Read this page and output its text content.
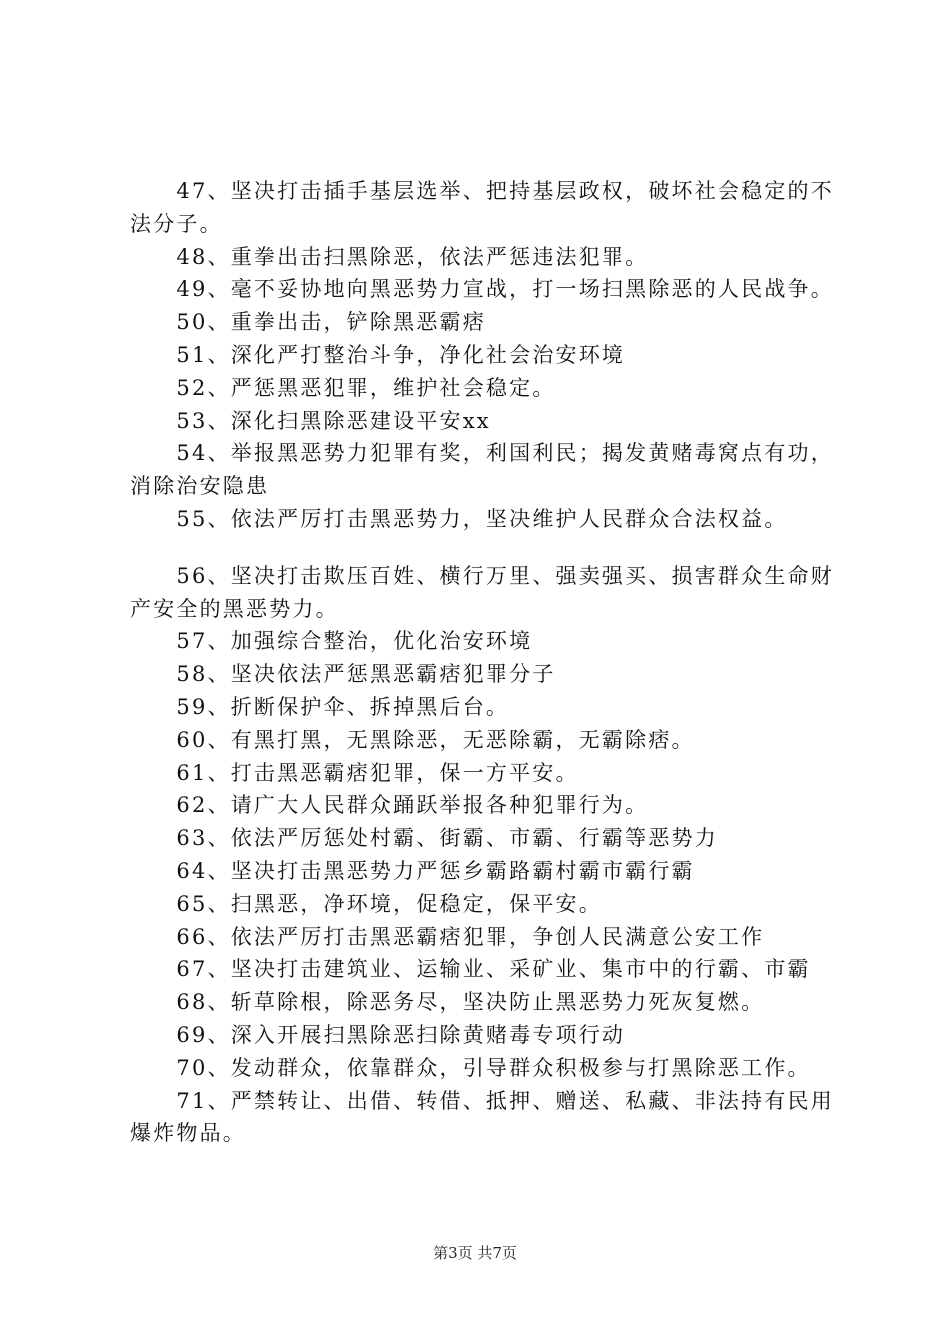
　　47、坚决打击插手基层选举、把持基层政权，破坏社会稳定的不法分子。
　　48、重拳出击扫黑除恶，依法严惩违法犯罪。
　　49、毫不妥协地向黑恶势力宣战，打一场扫黑除恶的人民战争。
　　50、重拳出击，铲除黑恶霸痞
　　51、深化严打整治斗争，净化社会治安环境
　　52、严惩黑恶犯罪，维护社会稳定。
　　53、深化扫黑除恶建设平安xx
　　54、举报黑恶势力犯罪有奖，利国利民；揭发黄赌毒窝点有功，消除治安隐患
　　55、依法严厉打击黑恶势力，坚决维护人民群众合法权益。
　　56、坚决打击欺压百姓、横行万里、强卖强买、损害群众生命财产安全的黑恶势力。
　　57、加强综合整治，优化治安环境
　　58、坚决依法严惩黑恶霸痞犯罪分子
　　59、折断保护伞、拆掉黑后台。
　　60、有黑打黑，无黑除恶，无恶除霸，无霸除痞。
　　61、打击黑恶霸痞犯罪，保一方平安。
　　62、请广大人民群众踊跃举报各种犯罪行为。
　　63、依法严厉惩处村霸、街霸、市霸、行霸等恶势力
　　64、坚决打击黑恶势力严惩乡霸路霸村霸市霸行霸
　　65、扫黑恶，净环境，促稳定，保平安。
　　66、依法严厉打击黑恶霸痞犯罪，争创人民满意公安工作
　　67、坚决打击建筑业、运输业、采矿业、集市中的行霸、市霸
　　68、斩草除根，除恶务尽，坚决防止黑恶势力死灰复燃。
　　69、深入开展扫黑除恶扫除黄赌毒专项行动
　　70、发动群众，依靠群众，引导群众积极参与打黑除恶工作。
　　71、严禁转让、出借、转借、抵押、赠送、私藏、非法持有民用爆炸物品。
第3页 共7页
